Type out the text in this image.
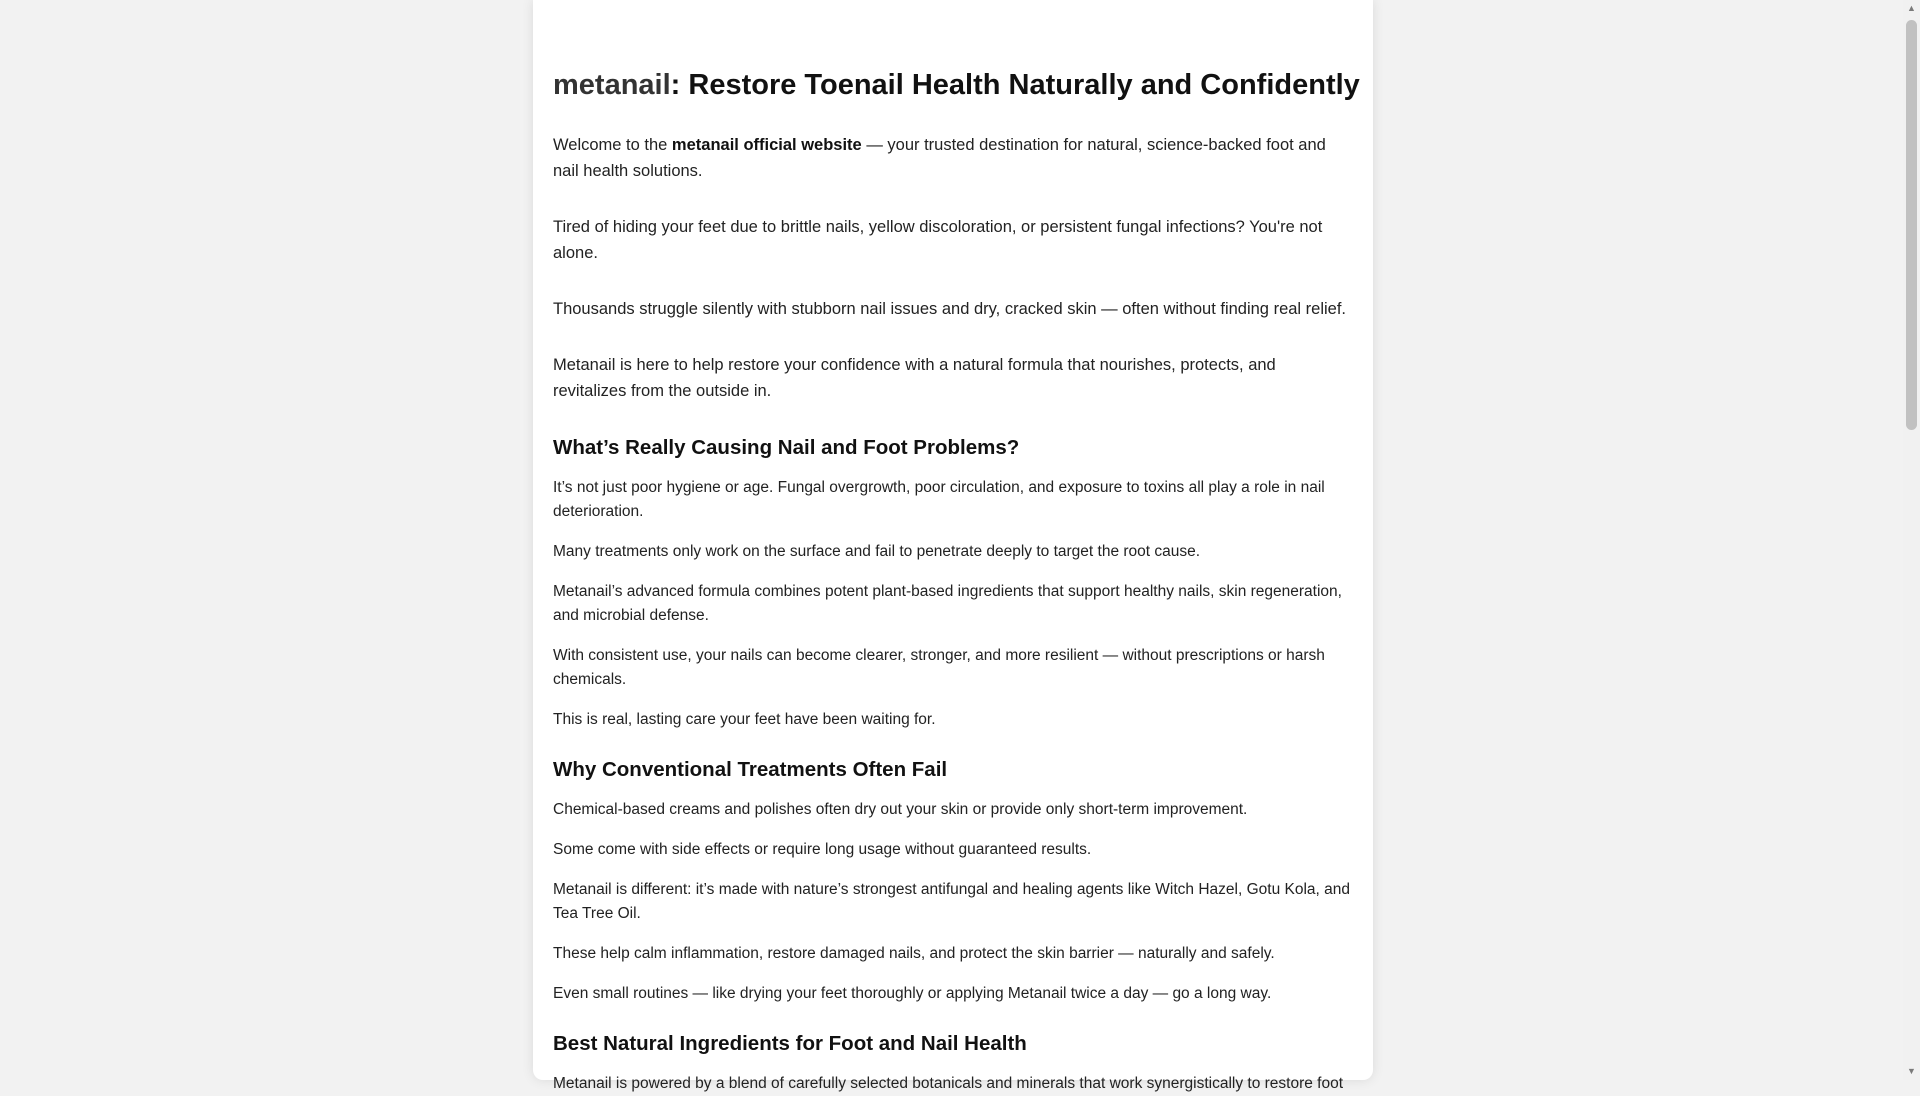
metanail: Restore Toenail Health Naturally and Confidently

Welcome to the metanail official website — your trusted destination for natural, science-backed foot and nail health solutions.

Tired of hiding your feet due to brittle nails, yellow discoloration, or persistent fungal infections? You're not alone.

Thousands struggle silently with stubborn nail issues and dry, cracked skin — often without finding real relief.

Metanail is here to help restore your confidence with a natural formula that nourishes, protects, and revitalizes from the outside in.

What’s Really Causing Nail and Foot Problems?

It’s not just poor hygiene or age. Fungal overgrowth, poor circulation, and exposure to toxins all play a role in nail deterioration.

Many treatments only work on the surface and fail to penetrate deeply to target the root cause.

Metanail’s advanced formula combines potent plant-based ingredients that support healthy nails, skin regeneration, and microbial defense.

With consistent use, your nails can become clearer, stronger, and more resilient — without prescriptions or harsh chemicals.

This is real, lasting care your feet have been waiting for.

Why Conventional Treatments Often Fail

Chemical-based creams and polishes often dry out your skin or provide only short-term improvement.

Some come with side effects or require long usage without guaranteed results.

Metanail is different: it’s made with nature’s strongest antifungal and healing agents like Witch Hazel, Gotu Kola, and Tea Tree Oil.

These help calm inflammation, restore damaged nails, and protect the skin barrier — naturally and safely.

Even small routines — like drying your feet thoroughly or applying Metanail twice a day — go a long way.

Best Natural Ingredients for Foot and Nail Health

Metanail is powered by a blend of carefully selected botanicals and minerals that work synergistically to restore foot

▲
▼
